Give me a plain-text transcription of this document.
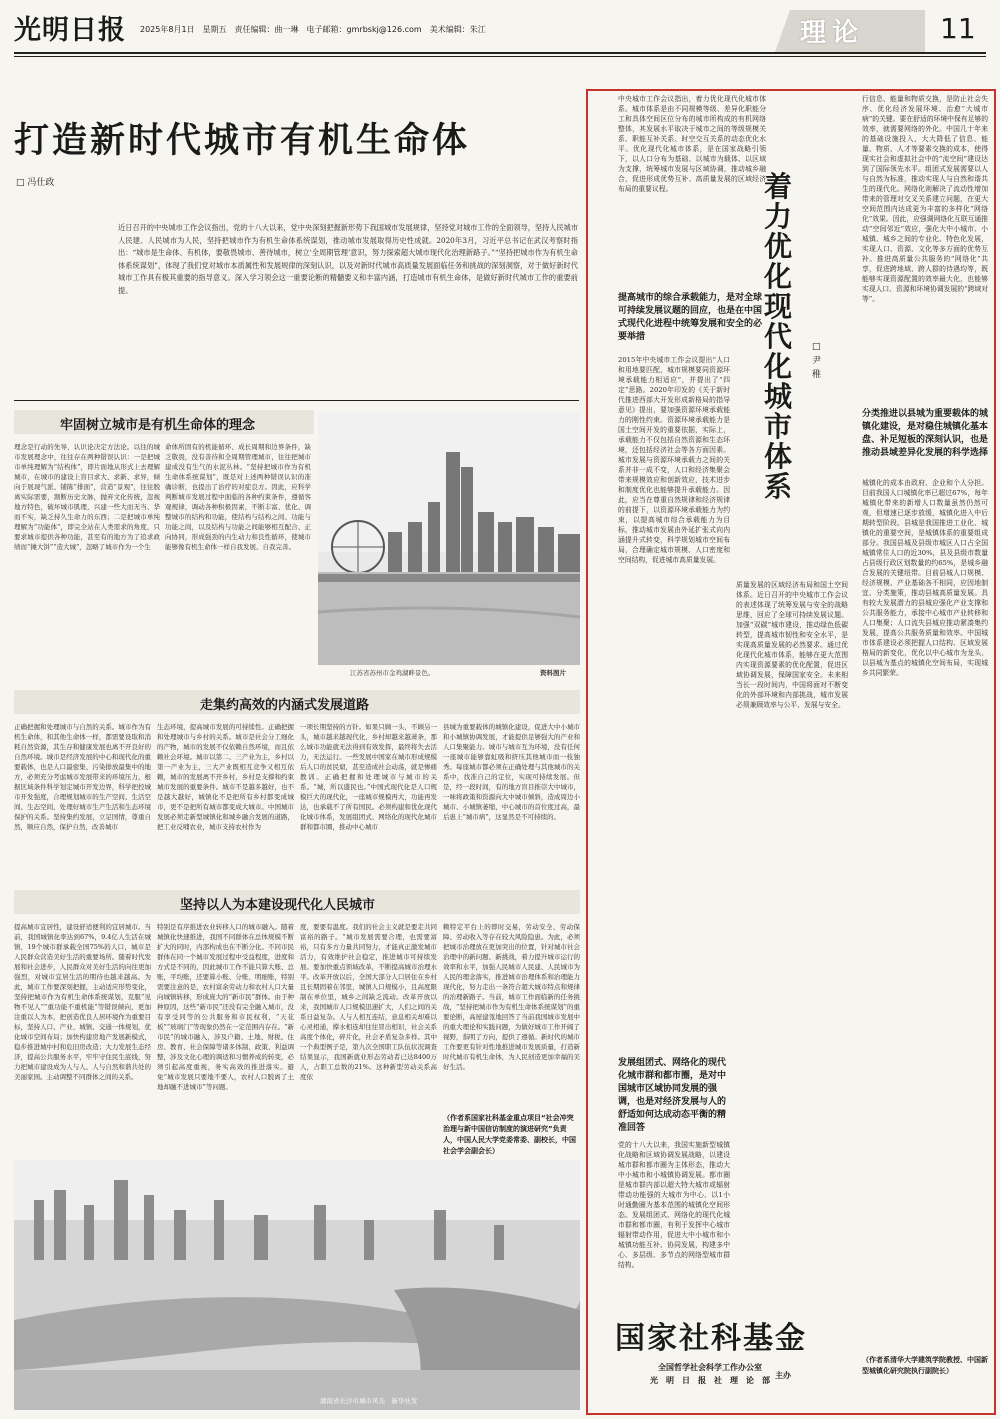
光明日报 2025年8月1日　星期五　责任编辑：曲一琳　电子邮箱：gmrbskj@126.com　美术编辑：朱江	理论	11
打造新时代城市有机生命体
□ 冯仕政
近日召开的中央城市工作会议指出，党的十八大以来，党中央深刻把握新形势下我国城市发展规律，坚持党对城市工作的全面领导，坚持人民城市人民建、人民城市为人民，坚持把城市作为有机生命体系统谋划，推动城市发展取得历史性成就。2020年3月，习近平总书记在武汉考察时指出：“城市是生命体、有机体，要敬畏城市、善待城市，树立‘全周期管理’意识，努力探索超大城市现代化治理新路子。”“坚持把城市作为有机生命体系统谋划”，体现了我们党对城市本质属性和发展规律的深刻认识，以及对新时代城市高质量发展面临任务和挑战的深刻洞察，对于做好新时代城市工作具有极其重要的指导意义。深入学习领会这一重要论断的精髓要义和丰富内涵，打造城市有机生命体，是做好新时代城市工作的重要前提。
牢固树立城市是有机生命体的理念
理念是行动的先导，认识论决定方法论。以往的城市发展理念中，往往存在两种错误认识：一是把城市单纯理解为“结构体”，即片面地从形式上去理解城市，在城市的建设上盲目求大、求新、求异，倾向于展现气派、铺陈“排面”，营造“景观”，往往脱离实际需要，割断历史文脉，抛弃文化传统，忽视地方特色，破坏城市肌理，兴建一些大而无当、华而不实，缺乏持久生命力的东西；二是把城市单纯理解为“功能体”，即完全站在人类需求的角度，只要求城市提供各种功能，甚至有的地方为了追求政绩而“摊大饼”“造大城”，忽略了城市作为一个生
命体所固有的机能循环、成长周期和边界条件，缺乏敬畏，没有善待和全周期管理城市，往往把城市建成没有生气的水泥丛林。“坚持把城市作为有机生命体系统谋划”，既是对上述两种错误认识的准确诊断，也提出了治疗的对症良方。因此，应科学判断城市发展过程中面临的各种约束条件，遵循客观规律，调动各种积极因素，不断丰富、优化、调整城市的结构和功能，使结构与结构之间、功能与功能之间，以及结构与功能之间能够相互配合、正向协同，形成强劲的内生动力和良性循环，使城市能够像有机生命体一样自我发展、自我完善。
江苏省苏州市金鸡湖畔景色。	资料图片
走集约高效的内涵式发展道路
正确把握和处理城市与自然的关系。城市作为有机生命体，和其他生命体一样，都需要设取和消耗自然资源，其生存和健康发展也离不开良好的自然环境。城市是经济发展的中心和现代化的重要载体，也是人口最密集、污染排放最集中的地方，必须充分考虑城市发展带来的环境压力，根据区域条件科学划定城市开发边界，科学把控城市开发强度，合理规划城市的生产空间、生活空间、生态空间，处理好城市生产生活和生态环境保护的关系。坚持集约发展，立足国情，尊重自然，顺应自然，保护自然，改善城市
生态环境，提高城市发展的可持续性。正确把握和处理城市与乡村的关系。城市是社会分工细化的产物，城市的发展不仅依赖自然环境，而且依赖社会环境。城市以第二、三产业为主，乡村以第一产业为主，三大产业既相互竞争又相互依赖，城市的发展离不开乡村，乡村是支撑和约束城市发展的重要条件。城市不是越多越好，也不是越大越好，城镇化不是把所有乡村都变成城市，更不是把所有城市都变成大城市。中国城市发展必须走新型城镇化和城乡融合发展的道路，把工业反哺农业，城市支持农村作为
一项长期坚持的方针。如果只顾一头，不顾另一头，城市越来越现代化，乡村却越来越萧条，那么城市功能就无法得到有效发挥，最终将失去活力，无法运行。一些发展中国家在城市形成规模后人口的贫民窟，甚至造成社会动荡，就是惨痛教训。正确把握和处理城市与城市的关系。“城，所以盛民也。”中国式现代化是人口规模巨大的现代化，一座城市规模再大，功能再发达，也承载不了所有国民。必须构建和优化现代化城市体系，发展组团式、网络化的现代化城市群和都市圈，推动中心城市
县城为重要载体的城镇化建设，促进大中小城市和小城镇协调发展，才能提供足够强大的产业和人口集聚能力。城市与城市互为环境，没有任何一座城市能够靠虹吸和挤压其他城市而一枝独秀。每座城市都必须在正确处理与其他城市的关系中，找准自己的定位，实现可持续发展。但是，经一段时间，有的地方盲目推崇大中城市，一味将政策和资源向大中城市倾斜，造成周边小城市、小城镇萎缩，中心城市的首位度过高，最后患上“城市病”，这显然是不可持续的。
坚持以人为本建设现代化人民城市
提高城市宜居性，建设舒适便利的宜居城市。当前，我国城镇化率达到67%，9.4亿人生活在城镇，19个城市群承载全国75%的人口，城市是人民群众营造美好生活的重要场所。随着时代发展和社会进步，人民群众对美好生活的向往更加强烈，对城市宜居生活的期待也越来越高。为此，城市工作要深刻把握，主动适应形势变化，坚持把城市作为有机生命体系统谋划，克服“见物不见人”“重功能不重机能”等错误倾向，更加注重以人为本，把创造优良人居环境作为重要目标，坚持人口、产业、城镇、交通一体规划，优化城市空间布局；加快构建房地产发展新模式，稳步推进城中村和危旧房改造；大力发展生态经济，提高公共服务水平，牢牢守住民生底线，努力把城市建设成为人与人、人与自然和谐共处的美丽家园。主动调整不同群体之间的关系。
特别是有序推进农业转移人口的城市融入。随着城镇化快速推进，我国不同群体在总体规模不断扩大的同时，内部构成也在不断分化。不同市民群体在同一个城市发展过程中受益程度，进度和方式是不同的，因此城市工作不能只算大账、总账，平均账，还要算小账、分账、明细账，特别需要注意的是，农村富余劳动力和农村人口大量向城镇转移，形成庞大的“新市民”群体。由于种种原因，这些“新市民”还没有完全融入城市，没有享受同等的公共服务和市民权利，“天花板”“玻璃门”等现象仍然在一定范围内存在。“新市民”的城市融入，涉及户籍、土地、财税、住房、教育、社会保障等诸多体制、政策、利益调整，涉及文化心理的调适和习惯养成的转变，必须引起高度重视，务实高效的推进落实。避免“城市发展只要地不要人，农村人口脱离了土地却融不进城市”等问题。
度，要要有温度。我们的社会主义就是要走共同富裕的路子。“城市发展需要合理，也需要富裕，只有多方力量共同努力，才能真正激发城市活力，有效维护社会稳定，推进城市可持续发展。要加快重点领域改革，不断提高城市治理水平。改革开放以后，全国大部分人口居住在乡村且长期固着在邻里，城镇人口规模小，且高度限制在单位里，城乡之间缺乏流动。改革开放以来，我国城市人口规模迅速扩大，人们之间的关系日益复杂。人与人相互连结，意息相关却难以心灵相通，撑水相连却往往冒出相识，社会关系高度个体化，碎片化，社会矛盾复杂多样。其中一个典型例子是，第九次全国职工队伍状况调查结果显示，我国新就业形态劳动者已达8400万人，占职工总数的21%。这种新型劳动关系高度依
赖特定平台上的即时交易，劳动安全、劳动保障、劳动收入等存在较大风险隐患。为此，必须把城市治理放在更加突出的位置，针对城市社会治理中的新问题、新挑战，着力提升城市运行的效率和水平，加强人民城市人民建、人民城市为人民的理念落实，推进城市治理体系和治理能力现代化，努力走出一条符合超大城市特点和规律的治理新路子。当前，城市工作面临新的任务挑战，“坚持把城市作为有机生命体系统谋划”的重要论断，高屋建瓴地回答了当前我国城市发展中的重大理论和实践问题，为做好城市工作开阔了视野，指明了方向，提供了遵循。新时代的城市工作要更有针对性地推进城市发展质量，打造新时代城市有机生命体，为人民创造更加幸福的美好生活。
（作者系国家社科基金重点项目“社会冲突治理与新中国信访制度的演进研究”负责人，中国人民大学党委常委、副校长，中国社会学会副会长）
湖南省长沙市城市风光　新华社发
中央城市工作会议指出，着力优化现代化城市体系。城市体系是由不同规模等级、差异化职能分工和具体空间区位分布的城市所构成的有机网络整体，其发展水平取决于城市之间的等级规模关系、职能互补关系、时空交互关系的动态优化水平。优化现代化城市体系，是在国家战略引领下，以人口分布为基础、以城市为载体、以区域为支撑，统筹城市发展与区域协调，推动城乡融合，促进形成优势互补、高质量发展的区域经济布局的重要议程。	着
力
优
化
现
代
化
城
市
体
系
□ 尹稚
提高城市的综合承载能力，是对全球可持续发展议题的回应，也是在中国式现代化进程中统筹发展和安全的必要举措
2015年中央城市工作会议提出“人口和用地要匹配，城市规模要同资源环境承载能力相适应”，并提出了“四定”思路。2020年印发的《关于新时代推进西部大开发形成新格局的指导意见》提出，要加强资源环境承载能力的刚性约束。资源环境承载能力是国土空间开发的重要依据，实际上，承载能力不仅包括自然资源和生态环境，还包括经济社会等各方面因素。城市发展与资源环境承载力之间的关系并非一成不变，人口和经济集聚会带来规模效应和创新效应，技术进步和制度优化也能够提升承载能力。因此，应当在尊重自然规律和经济规律的前提下，以资源环境承载能力为约束，以提高城市综合承载能力为目标，推动城市发展由外延扩张式向内涵提升式转变，科学规划城市空间布局，合理确定城市规模、人口密度和空间结构，促进城市高质量发展。
质量发展的区域经济布局和国土空间体系。近日召开的中央城市工作会议的表述体现了统筹发展与安全的战略思维，回应了全球可持续发展议题。加强“双碳”城市建设，推动绿色低碳转型，提高城市韧性和安全水平，是实现高质量发展的必然要求。通过优化现代化城市体系，能够在更大范围内实现资源要素的优化配置，促进区域协调发展，保障国家安全。未来相当长一段时间内，中国将面对不断变化的外部环境和内部挑战，城市发展必须兼顾效率与公平、发展与安全。
发展组团式、网络化的现代化城市群和都市圈，是对中国城市区域协同发展的强调，也是对经济发展与人的舒适如何达成动态平衡的精准回答
党的十八大以来，我国实施新型城镇化战略和区域协调发展战略，以建设城市群和都市圈为主体形态，推动大中小城市和小城镇协调发展。都市圈是城市群内部以超大特大城市或辐射带动功能强的大城市为中心、以1小时通勤圈为基本范围的城镇化空间形态。发展组团式、网络化的现代化城市群和都市圈，有利于发挥中心城市辐射带动作用，促进大中小城市和小城镇功能互补、协同发展，构建多中心、多层级、多节点的网络型城市群结构。
行信息、能量和物质交换，是防止社会失序、优化经济发展环境、治愈“大城市病”的关键。要在舒适的环境中保有足够的效率，就需要网络的外化。中国几十年来的基础设施投入，大大降低了信息、能量、物质、人才等要素交换的成本，使得现实社会和虚拟社会中的“流空间”建设达到了国际领先水平。组团式发展需要以人与自然为标准，推动实现人与自然和谐共生的现代化。网络化则解决了流动性增加带来的管理对交叉关系建立问题，在更大空间范围内达成更为丰富的多样化“网络化”效果。因此，应强调网络化互联互通推动“空间邻近”效应，强化大中小城市、小城镇、城乡之间的专业化、特色化发展，实现人口、资源、文化等多方面的优势互补。推进高质量公共服务的“网络化”共享，促进跨地域、跨人群的待遇均等，既能够实现资源配置的效率最大化，也能够实现人口、资源和环境协调发展的“跨域对等”。
分类推进以县城为重要载体的城镇化建设，是对稳住城镇化基本盘、补足短板的深刻认识，也是推动县域差异化发展的科学选择
城镇化的成本由政府、企业和个人分担。目前我国人口城镇化率已超过67%，每年城镇化带来的新增人口数量虽然仍然可观，但增速已逐步放缓，城镇化进入中后期转型阶段。县城是我国推进工业化、城镇化的重要空间，是城镇体系的重要组成部分。我国县城及县级市城区人口占全国城镇常住人口的近30%，县及县级市数量占县级行政区划数量的约65%，是城乡融合发展的关键纽带。目前县城人口规模、经济规模、产业基础各不相同，应因地制宜、分类施策，推动县城高质量发展。具有较大发展潜力的县城应强化产业支撑和公共服务能力，承接中心城市产业转移和人口集聚；人口流失县城应推动紧凑集约发展，提高公共服务质量和效率。中国城市体系建设必须把握人口结构、区域发展格局的新变化，优化以中心城市为龙头、以县城为基点的城镇化空间布局，实现城乡共同繁荣。
（作者系清华大学建筑学院教授、中国新型城镇化研究院执行副院长）
国家社科基金
全国哲学社会科学工作办公室
光　明　日　报　社　理　论　部
主办
